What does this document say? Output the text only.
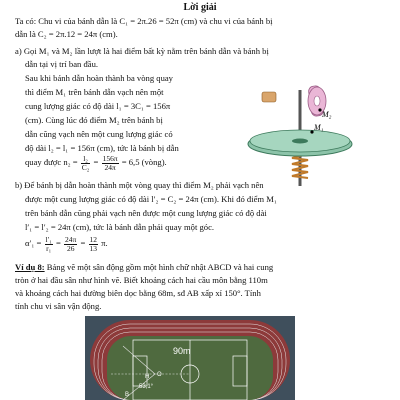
Lời giải
Ta có: Chu vi của bánh dẫn là C₁ = 2π.26 = 52π (cm) và chu vi của bánh bị
dẫn là C₂ = 2π.12 = 24π (cm).
a) Gọi M₁ và M₂ lần lượt là hai điểm bất kỳ nằm trên bánh dẫn và bánh bị
dẫn tại vị trí ban đầu.
Sau khi bánh dẫn hoàn thành ba vòng quay
thì điểm M₁ trên bánh dẫn vạch nên một
cung lượng giác có độ dài l₁ = 3C₁ = 156π
(cm). Cùng lúc đó điểm M₂ trên bánh bị
dẫn cũng vạch nên một cung lượng giác có
độ dài l₂ = l₁ = 156π (cm), tức là bánh bị dẫn
quay được $n_2 = \frac{\text{l₂}}{\text{C₂}} = \frac{156\pi}{24\pi} = 6,5$ (vòng).
M₂
M₁
b) Để bánh bị dẫn hoàn thành một vòng quay thì điểm M₂ phải vạch nên
được một cung lượng giác có độ dài l′₂ = C₂ = 24π (cm). Khi đó điểm M₁
trên bánh dẫn cũng phải vạch nên được một cung lượng giác có độ dài
l′₁ = l′₂ = 24π (cm), tức là bánh dẫn phải quay một góc.
$\alpha'_1 = \frac{\text{l′₁}}{\text{r₁}} = \frac{24\pi}{26} = \frac{12}{13} \pi$.
Ví dụ 8: Bảng vẽ một sân động gồm một hình chữ nhật ABCD và hai cung
tròn ở hai đầu sân như hình vẽ. Biết khoảng cách hai cầu môn bằng 110m
và khoảng cách hai đường biên dọc bằng 68m, sđ AB xấp xỉ 150°. Tính
tính chu vi sân vận động.
90m
H O
53,1°
B
